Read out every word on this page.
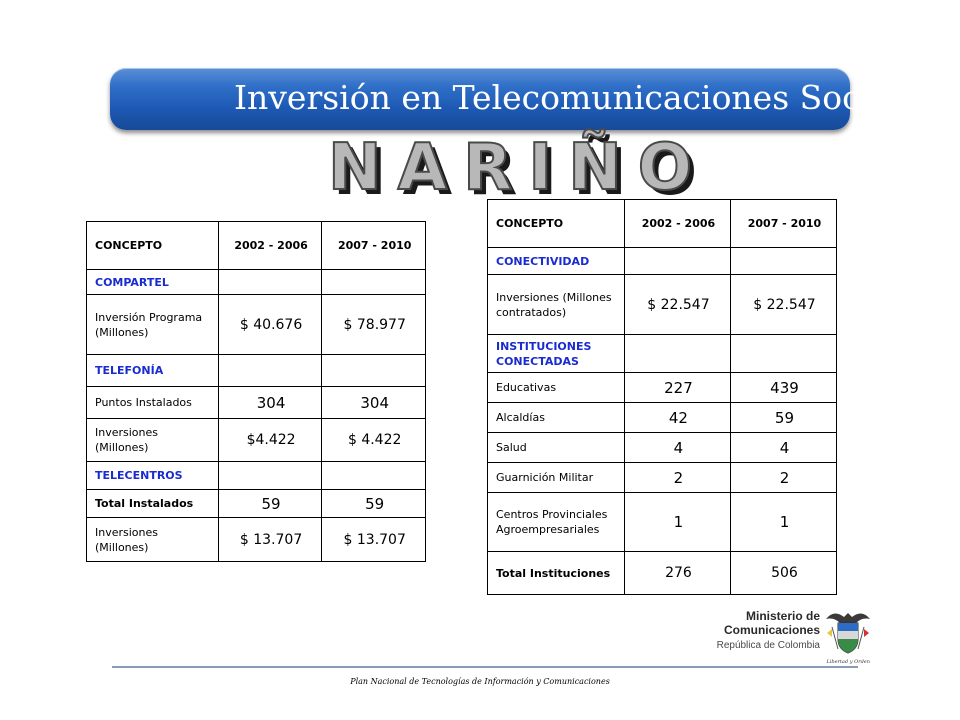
Inversión en Telecomunicaciones Sociales
NARIÑO
CONCEPTO	2002 - 2006	2007 - 2010
COMPARTEL		
Inversión Programa (Millones)	$ 40.676	$ 78.977
TELEFONÍA		
Puntos Instalados	304	304
Inversiones (Millones)	$4.422	$ 4.422
TELECENTROS		
Total Instalados	59	59
Inversiones (Millones)	$ 13.707	$ 13.707
CONCEPTO	2002 - 2006	2007 - 2010
CONECTIVIDAD		
Inversiones (Millones contratados)	$ 22.547	$ 22.547
INSTITUCIONES CONECTADAS		
Educativas	227	439
Alcaldías	42	59
Salud	4	4
Guarnición Militar	2	2
Centros Provinciales Agroempresariales	1	1
Total Instituciones	276	506
Ministerio de
Comunicaciones
República de Colombia
Libertad y Orden
Plan Nacional de Tecnologías de Información y Comunicaciones
